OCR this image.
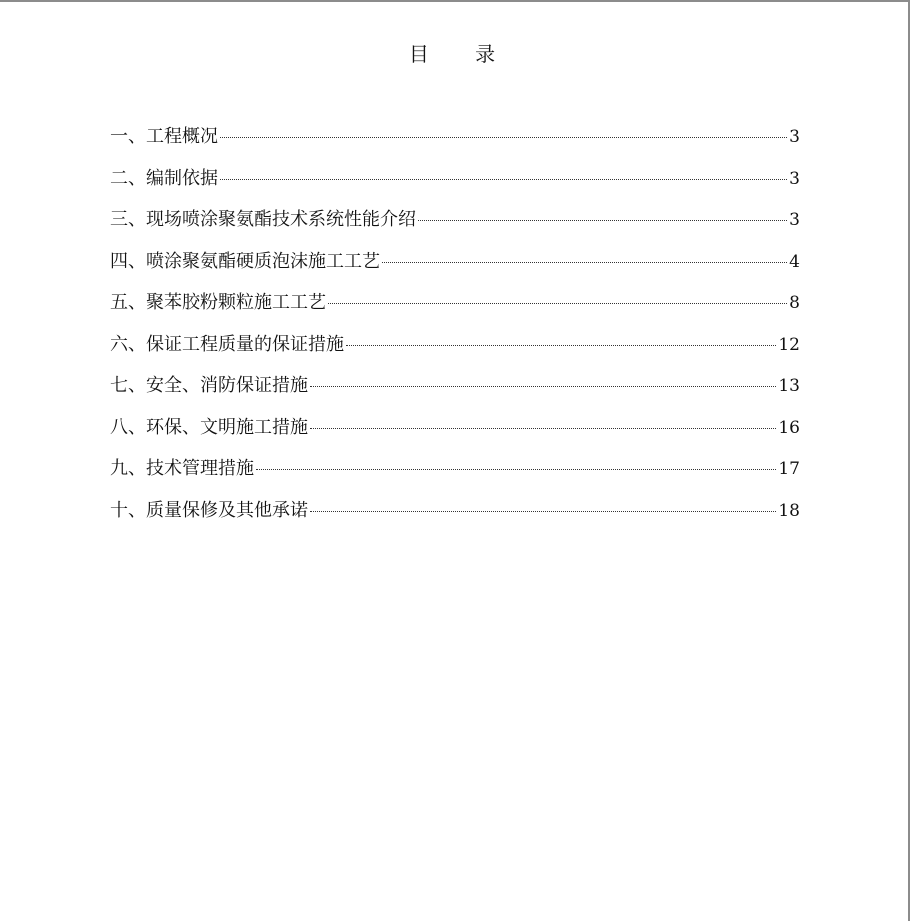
目 录
一、工程概况	3
二、编制依据	3
三、现场喷涂聚氨酯技术系统性能介绍	3
四、喷涂聚氨酯硬质泡沫施工工艺	4
五、聚苯胶粉颗粒施工工艺	8
六、保证工程质量的保证措施	12
七、安全、消防保证措施	13
八、环保、文明施工措施	16
九、技术管理措施	17
十、质量保修及其他承诺	18
